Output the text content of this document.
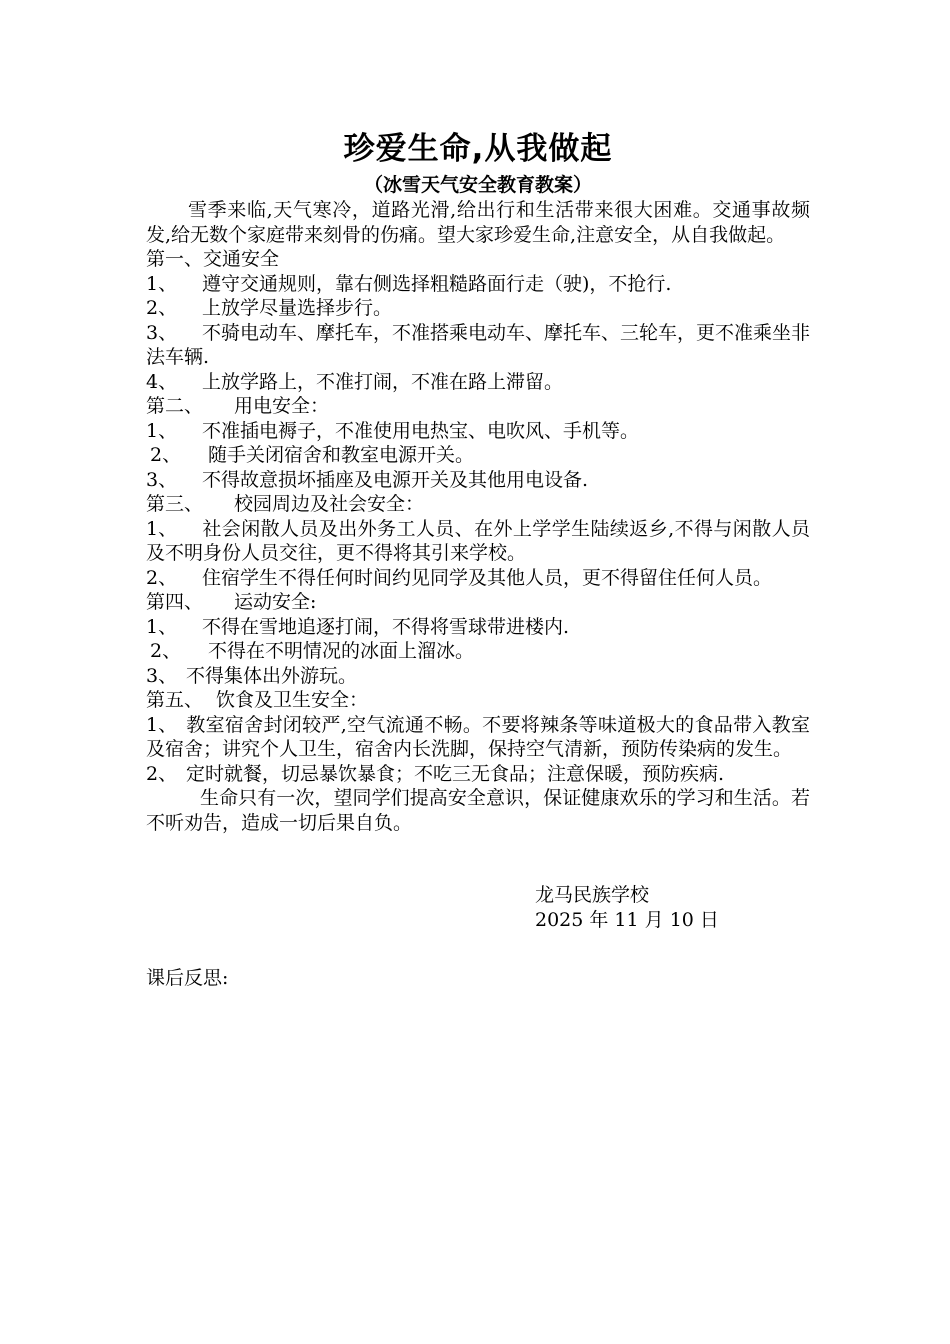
珍爱生命,从我做起
（冰雪天气安全教育教案）

雪季来临,天气寒冷，道路光滑,给出行和生活带来很大困难。交通事故频发,给无数个家庭带来刻骨的伤痛。望大家珍爱生命,注意安全，从自我做起。

第一、交通安全

1、 遵守交通规则，靠右侧选择粗糙路面行走（驶)，不抢行.

2、 上放学尽量选择步行。

3、 不骑电动车、摩托车，不准搭乘电动车、摩托车、三轮车，更不准乘坐非法车辆.

4、 上放学路上，不准打闹，不准在路上滞留。

第二、 用电安全：

1、 不准插电褥子，不准使用电热宝、电吹风、手机等。

2、 随手关闭宿舍和教室电源开关。

3、 不得故意损坏插座及电源开关及其他用电设备.

第三、 校园周边及社会安全：

1、 社会闲散人员及出外务工人员、在外上学学生陆续返乡,不得与闲散人员及不明身份人员交往，更不得将其引来学校。

2、 住宿学生不得任何时间约见同学及其他人员，更不得留住任何人员。

第四、 运动安全:

1、 不得在雪地追逐打闹，不得将雪球带进楼内.

2、 不得在不明情况的冰面上溜冰。

3、 不得集体出外游玩。

第五、 饮食及卫生安全：

1、 教室宿舍封闭较严,空气流通不畅。不要将辣条等味道极大的食品带入教室及宿舍；讲究个人卫生，宿舍内长洗脚，保持空气清新，预防传染病的发生。

2、 定时就餐，切忌暴饮暴食；不吃三无食品；注意保暖，预防疾病.

生命只有一次，望同学们提高安全意识，保证健康欢乐的学习和生活。若不听劝告，造成一切后果自负。

龙马民族学校

2025 年 11 月 10 日

课后反思:
